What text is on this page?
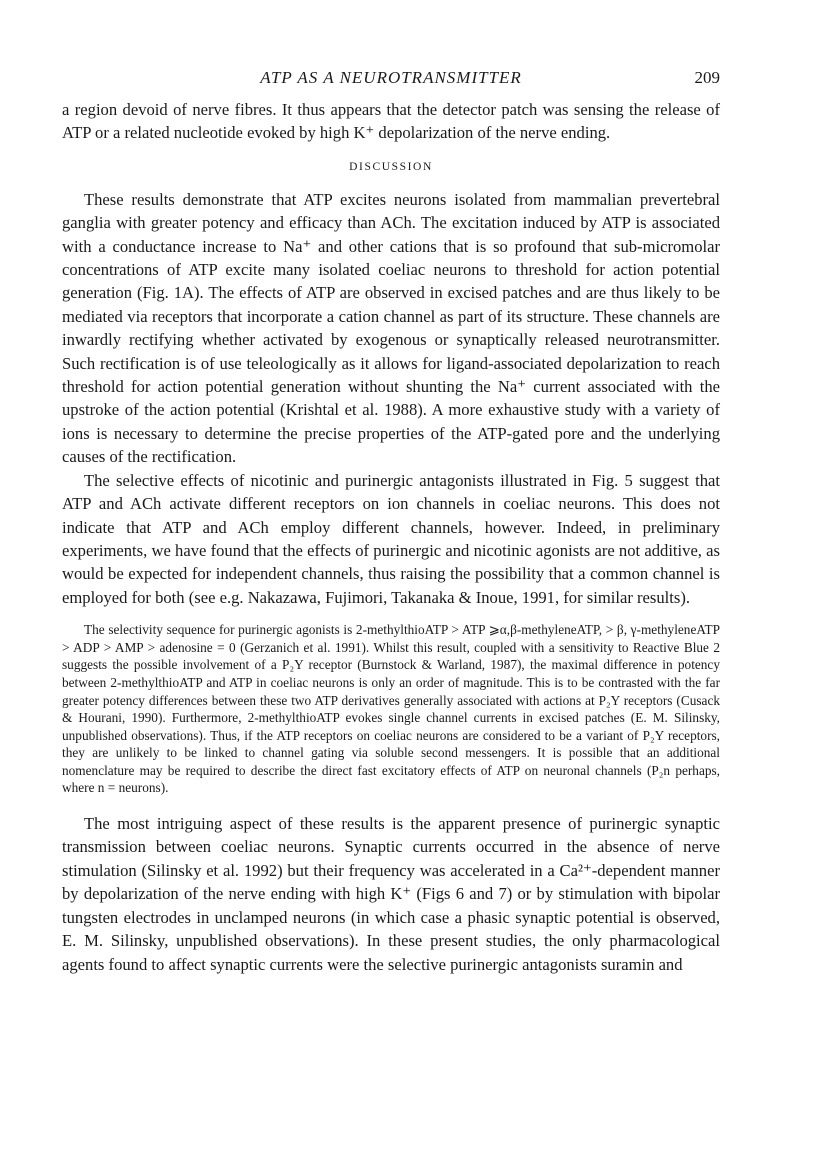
ATP AS A NEUROTRANSMITTER	209

a region devoid of nerve fibres. It thus appears that the detector patch was sensing the release of ATP or a related nucleotide evoked by high K⁺ depolarization of the nerve ending.

DISCUSSION

These results demonstrate that ATP excites neurons isolated from mammalian prevertebral ganglia with greater potency and efficacy than ACh. The excitation induced by ATP is associated with a conductance increase to Na⁺ and other cations that is so profound that sub-micromolar concentrations of ATP excite many isolated coeliac neurons to threshold for action potential generation (Fig. 1A). The effects of ATP are observed in excised patches and are thus likely to be mediated via receptors that incorporate a cation channel as part of its structure. These channels are inwardly rectifying whether activated by exogenous or synaptically released neurotransmitter. Such rectification is of use teleologically as it allows for ligand-associated depolarization to reach threshold for action potential generation without shunting the Na⁺ current associated with the upstroke of the action potential (Krishtal et al. 1988). A more exhaustive study with a variety of ions is necessary to determine the precise properties of the ATP-gated pore and the underlying causes of the rectification.

The selective effects of nicotinic and purinergic antagonists illustrated in Fig. 5 suggest that ATP and ACh activate different receptors on ion channels in coeliac neurons. This does not indicate that ATP and ACh employ different channels, however. Indeed, in preliminary experiments, we have found that the effects of purinergic and nicotinic agonists are not additive, as would be expected for independent channels, thus raising the possibility that a common channel is employed for both (see e.g. Nakazawa, Fujimori, Takanaka & Inoue, 1991, for similar results).

The selectivity sequence for purinergic agonists is 2-methylthioATP > ATP ⩾α,β-methyleneATP, > β, γ-methyleneATP > ADP > AMP > adenosine = 0 (Gerzanich et al. 1991). Whilst this result, coupled with a sensitivity to Reactive Blue 2 suggests the possible involvement of a P₂Y receptor (Burnstock & Warland, 1987), the maximal difference in potency between 2-methylthioATP and ATP in coeliac neurons is only an order of magnitude. This is to be contrasted with the far greater potency differences between these two ATP derivatives generally associated with actions at P₂Y receptors (Cusack & Hourani, 1990). Furthermore, 2-methylthioATP evokes single channel currents in excised patches (E. M. Silinsky, unpublished observations). Thus, if the ATP receptors on coeliac neurons are considered to be a variant of P₂Y receptors, they are unlikely to be linked to channel gating via soluble second messengers. It is possible that an additional nomenclature may be required to describe the direct fast excitatory effects of ATP on neuronal channels (P₂n perhaps, where n = neurons).

The most intriguing aspect of these results is the apparent presence of purinergic synaptic transmission between coeliac neurons. Synaptic currents occurred in the absence of nerve stimulation (Silinsky et al. 1992) but their frequency was accelerated in a Ca²⁺-dependent manner by depolarization of the nerve ending with high K⁺ (Figs 6 and 7) or by stimulation with bipolar tungsten electrodes in unclamped neurons (in which case a phasic synaptic potential is observed, E. M. Silinsky, unpublished observations). In these present studies, the only pharmacological agents found to affect synaptic currents were the selective purinergic antagonists suramin and
